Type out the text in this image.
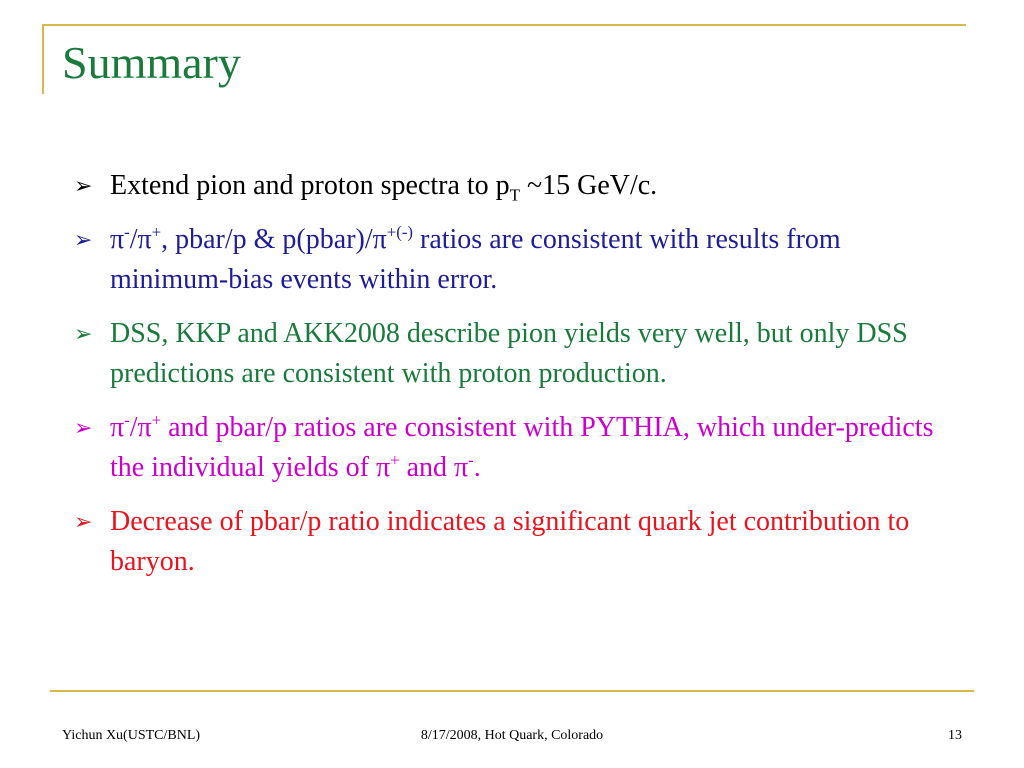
Summary
➢ Extend pion and proton spectra to $p_T$ ~15 GeV/c.
➢ π-/π+, pbar/p & p(pbar)/π+(-) ratios are consistent with results from minimum-bias events within error.
➢ DSS, KKP and AKK2008 describe pion yields very well, but only DSS predictions are consistent with proton production.
➢ π-/π+ and pbar/p ratios are consistent with PYTHIA, which under-predicts the individual yields of π+ and π-.
➢ Decrease of pbar/p ratio indicates a significant quark jet contribution to baryon.
Yichun Xu(USTC/BNL)	8/17/2008, Hot Quark, Colorado	13
